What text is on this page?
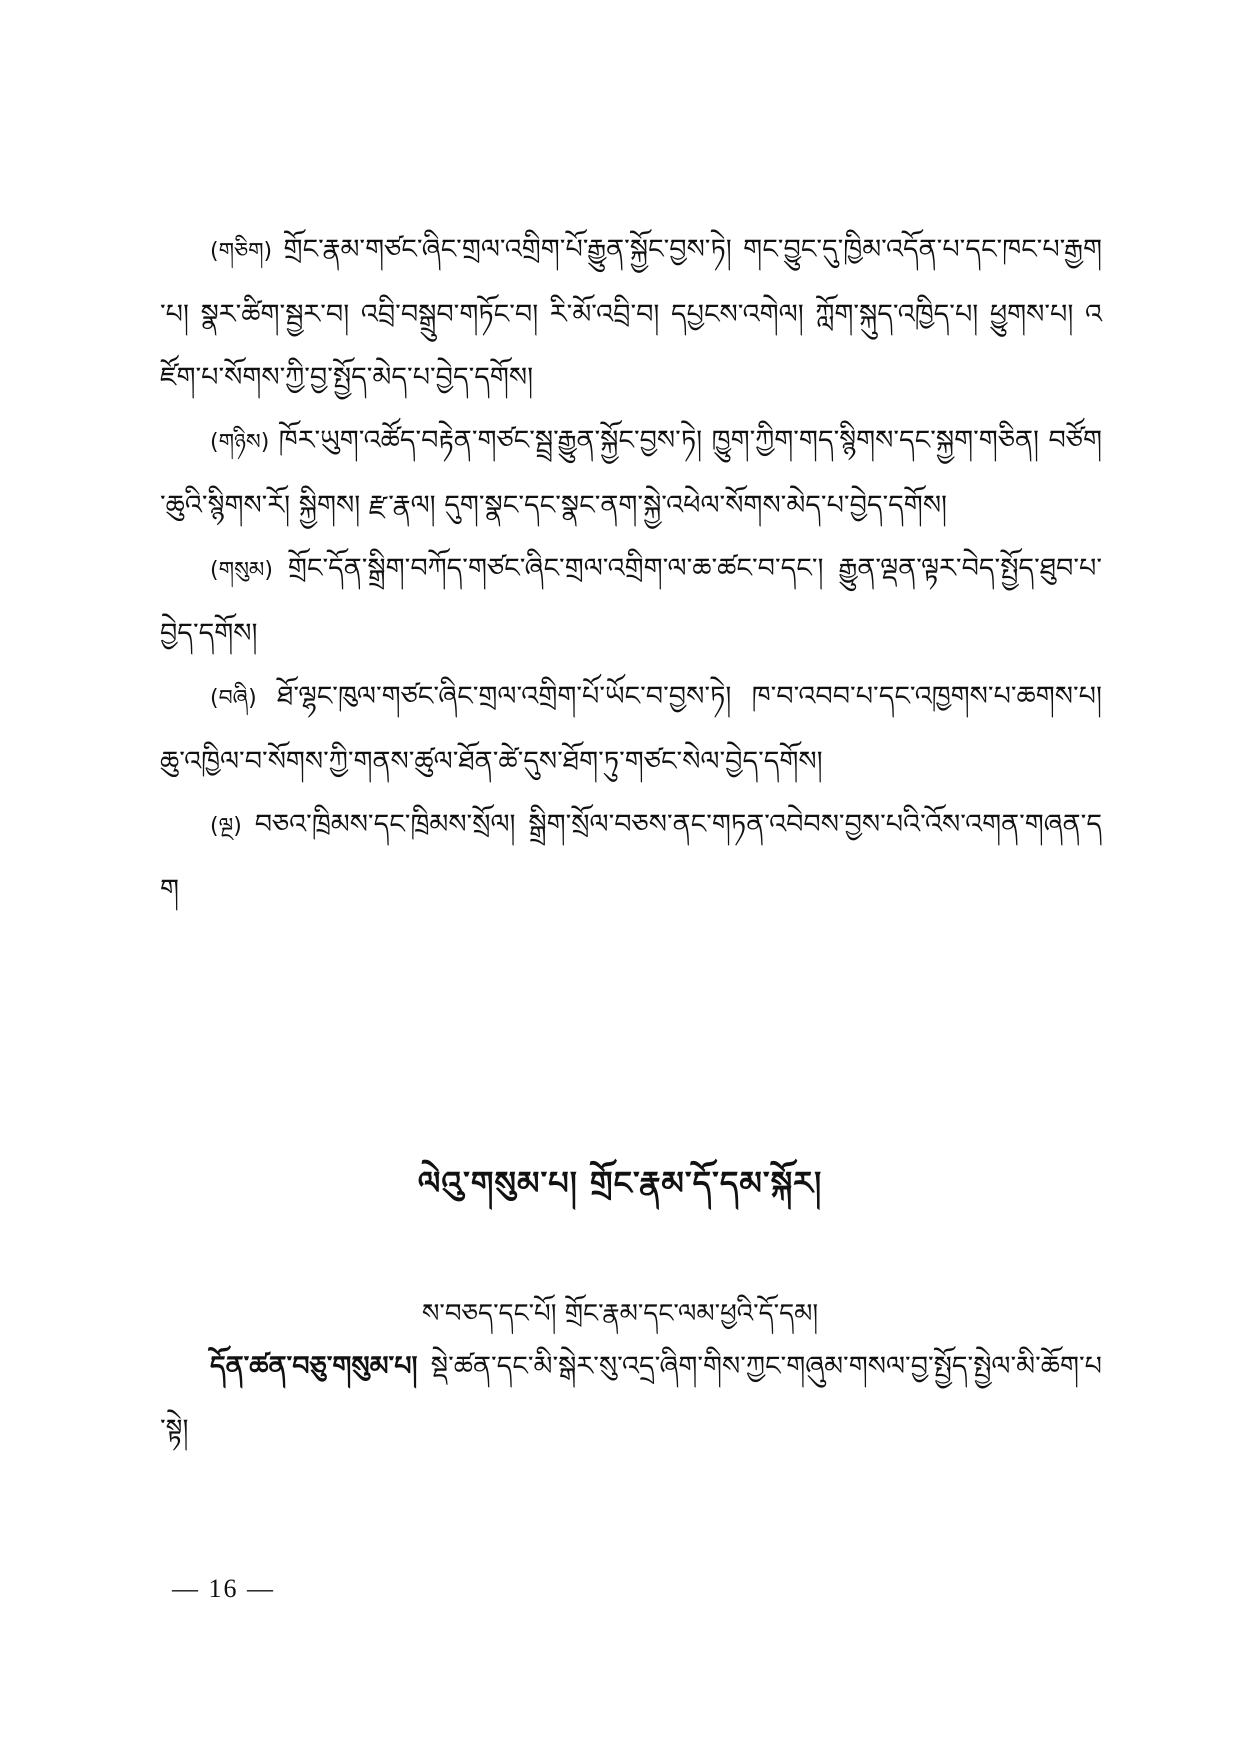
(གཅིག) གྲོང་རྣམ་གཙང་ཞིང་གྲལ་འགྲིག་པོ་རྒྱུན་སྐྱོང་བྱས་ཏེ། གང་བྱུང་དུ་ཁྱིམ་འདོན་པ་དང་ཁང་པ་རྒྱག་པ། སྣར་ཚིག་སྦྱར་བ། འབྲི་བསྒྲུབ་གཏོང་བ། རི་མོ་འབྲི་བ། དཔྱངས་འགེལ། ཀློག་སྐུད་འཁྱིད་པ། ཕྱུགས་པ། འཛོག་པ་སོགས་ཀྱི་བྱ་སྤྱོད་མེད་པ་བྱེད་དགོས།

(གཉིས) ཁོར་ཡུག་འཚོད་བརྟེན་གཙང་སྦྲ་རྒྱུན་སྐྱོང་བྱས་ཏེ། ཁྱུག་ཀྱིག་གད་སྙིགས་དང་སྐྱག་གཅིན། བཙོག་ཆུའི་སྙིགས་རོ། སྐྱིགས། རྫ་རྣལ། དུག་སྣང་དང་སྣང་ནག་སྐྱེ་འཕེལ་སོགས་མེད་པ་བྱེད་དགོས།

(གསུམ) གྲོང་དོན་སྒྲིག་བཀོད་གཙང་ཞིང་གྲལ་འགྲིག་ལ་ཆ་ཚང་བ་དང་། རྒྱུན་ལྡན་ལྟར་བེད་སྤྱོད་ཐུབ་པ་བྱེད་དགོས།

(བཞི) ཐོ་ལྷང་ཁུལ་གཙང་ཞིང་གྲལ་འགྲིག་པོ་ཡོང་བ་བྱས་ཏེ། ཁ་བ་འབབ་པ་དང་འཁྱགས་པ་ཆགས་པ། ཆུ་འཁྱིལ་བ་སོགས་ཀྱི་གནས་ཚུལ་ཐོན་ཚེ་དུས་ཐོག་ཏུ་གཙང་སེལ་བྱེད་དགོས།

(ལྔ) བཅའ་ཁྲིམས་དང་ཁྲིམས་སྲོལ། སྒྲིག་སྲོལ་བཅས་ནང་གཏན་འབེབས་བྱས་པའི་འོས་འགན་གཞན་དག

ལེའུ་གསུམ་པ། གྲོང་རྣམ་དོ་དམ་སྐོར།
ས་བཅད་དང་པོ། གྲོང་རྣམ་དང་ལམ་ཕྱའི་དོ་དམ།

དོན་ཚན་བཅུ་གསུམ་པ། སྡེ་ཚན་དང་མི་སྒེར་སུ་འདྲ་ཞིག་གིས་ཀྱང་གཞུམ་གསལ་བྱ་སྤྱོད་སྤྱེལ་མི་ཆོག་པ་སྟེ།

— 16 —
